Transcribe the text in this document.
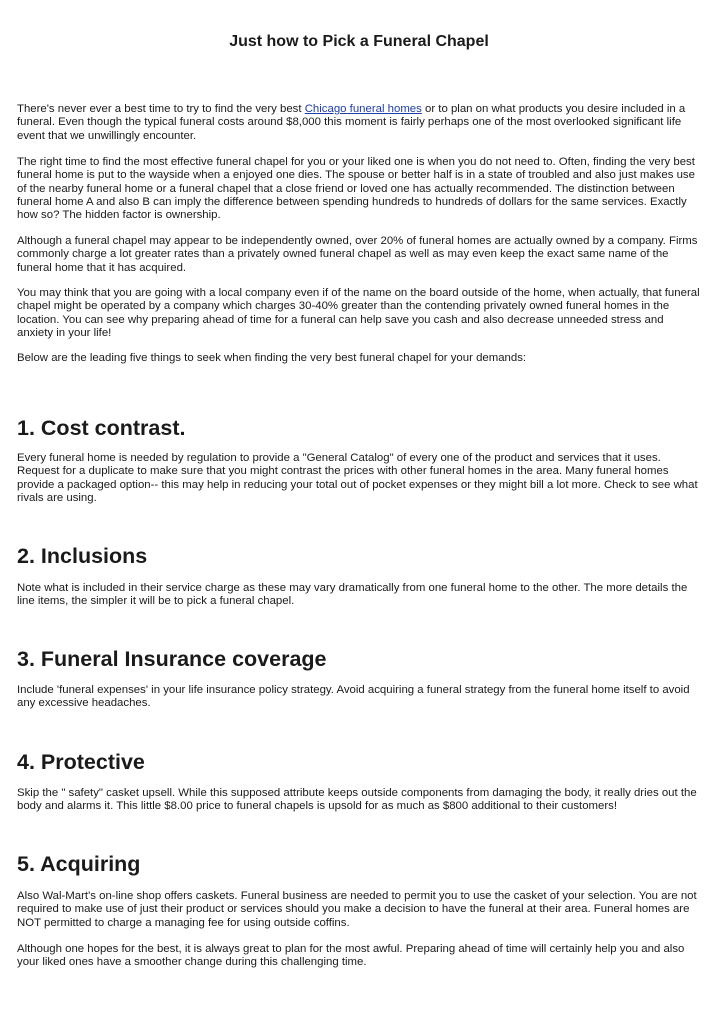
Just how to Pick a Funeral Chapel

There's never ever a best time to try to find the very best Chicago funeral homes or to plan on what products you desire included in a funeral. Even though the typical funeral costs around $8,000 this moment is fairly perhaps one of the most overlooked significant life event that we unwillingly encounter.

The right time to find the most effective funeral chapel for you or your liked one is when you do not need to. Often, finding the very best funeral home is put to the wayside when a enjoyed one dies. The spouse or better half is in a state of troubled and also just makes use of the nearby funeral home or a funeral chapel that a close friend or loved one has actually recommended. The distinction between funeral home A and also B can imply the difference between spending hundreds to hundreds of dollars for the same services. Exactly how so? The hidden factor is ownership.

Although a funeral chapel may appear to be independently owned, over 20% of funeral homes are actually owned by a company. Firms commonly charge a lot greater rates than a privately owned funeral chapel as well as may even keep the exact same name of the funeral home that it has acquired.

You may think that you are going with a local company even if of the name on the board outside of the home, when actually, that funeral chapel might be operated by a company which charges 30-40% greater than the contending privately owned funeral homes in the location. You can see why preparing ahead of time for a funeral can help save you cash and also decrease unneeded stress and anxiety in your life!

Below are the leading five things to seek when finding the very best funeral chapel for your demands:

1. Cost contrast.

Every funeral home is needed by regulation to provide a "General Catalog" of every one of the product and services that it uses. Request for a duplicate to make sure that you might contrast the prices with other funeral homes in the area. Many funeral homes provide a packaged option-- this may help in reducing your total out of pocket expenses or they might bill a lot more. Check to see what rivals are using.

2. Inclusions

Note what is included in their service charge as these may vary dramatically from one funeral home to the other. The more details the line items, the simpler it will be to pick a funeral chapel.

3. Funeral Insurance coverage

Include 'funeral expenses' in your life insurance policy strategy. Avoid acquiring a funeral strategy from the funeral home itself to avoid any excessive headaches.

4. Protective

Skip the " safety" casket upsell. While this supposed attribute keeps outside components from damaging the body, it really dries out the body and alarms it. This little $8.00 price to funeral chapels is upsold for as much as $800 additional to their customers!

5. Acquiring

Also Wal-Mart's on-line shop offers caskets. Funeral business are needed to permit you to use the casket of your selection. You are not required to make use of just their product or services should you make a decision to have the funeral at their area. Funeral homes are NOT permitted to charge a managing fee for using outside coffins.

Although one hopes for the best, it is always great to plan for the most awful. Preparing ahead of time will certainly help you and also your liked ones have a smoother change during this challenging time.
